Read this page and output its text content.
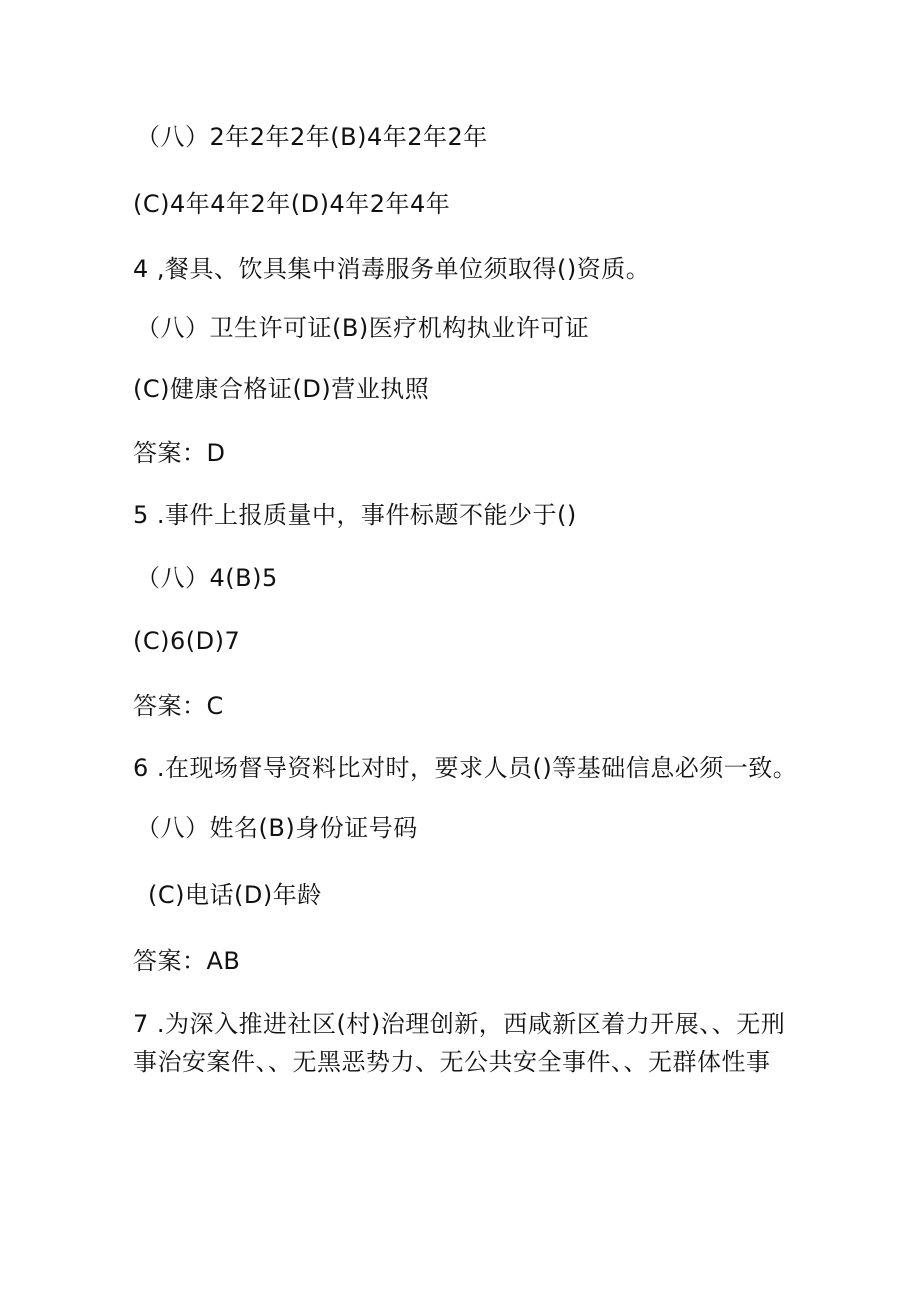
（八）2年2年2年(B)4年2年2年
(C)4年4年2年(D)4年2年4年
4 ,餐具、饮具集中消毒服务单位须取得()资质。
（八）卫生许可证(B)医疗机构执业许可证
(C)健康合格证(D)营业执照
答案：D
5 .事件上报质量中，事件标题不能少于()
（八）4(B)5
(C)6(D)7
答案：C
6 .在现场督导资料比对时，要求人员()等基础信息必须一致。
（八）姓名(B)身份证号码
(C)电话(D)年龄
答案：AB
7 .为深入推进社区(村)治理创新，西咸新区着力开展、、无刑
事治安案件、、无黑恶势力、无公共安全事件、、无群体性事
